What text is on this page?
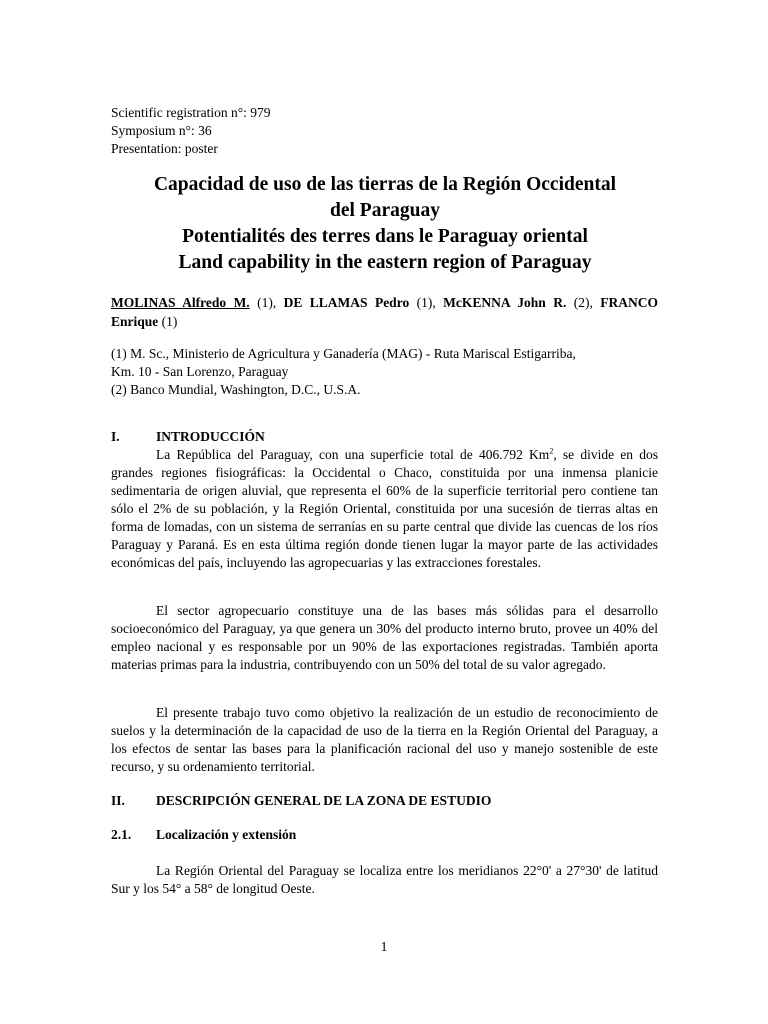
Scientific registration n°: 979
Symposium n°: 36
Presentation: poster
Capacidad de uso de las tierras de la Región Occidental
del Paraguay
Potentialités des terres dans le Paraguay oriental
Land capability in the eastern region of Paraguay
MOLINAS Alfredo M. (1), DE LLAMAS Pedro (1), McKENNA John R. (2), FRANCO Enrique (1)
(1) M. Sc., Ministerio de Agricultura y Ganadería (MAG) - Ruta Mariscal Estigarriba,
Km. 10 - San Lorenzo, Paraguay
(2) Banco Mundial, Washington, D.C., U.S.A.
I.	INTRODUCCIÓN

La República del Paraguay, con una superficie total de 406.792 Km$^2$, se divide en dos grandes regiones fisiográficas: la Occidental o Chaco, constituida por una inmensa planicie sedimentaria de origen aluvial, que representa el 60% de la superficie territorial pero contiene tan sólo el 2% de su población, y la Región Oriental, constituida por una sucesión de tierras altas en forma de lomadas, con un sistema de serranías en su parte central que divide las cuencas de los ríos Paraguay y Paraná. Es en esta última región donde tienen lugar la mayor parte de las actividades económicas del país, incluyendo las agropecuarias y las extracciones forestales.

El sector agropecuario constituye una de las bases más sólidas para el desarrollo socioeconómico del Paraguay, ya que genera un 30% del producto interno bruto, provee un 40% del empleo nacional y es responsable por un 90% de las exportaciones registradas. También aporta materias primas para la industria, contribuyendo con un 50% del total de su valor agregado.

El presente trabajo tuvo como objetivo la realización de un estudio de reconocimiento de suelos y la determinación de la capacidad de uso de la tierra en la Región Oriental del Paraguay, a los efectos de sentar las bases para la planificación racional del uso y manejo sostenible de este recurso, y su ordenamiento territorial.

II. DESCRIPCIÓN GENERAL DE LA ZONA DE ESTUDIO
2.1. Localización y extensión

La Región Oriental del Paraguay se localiza entre los meridianos 22°0' a 27°30' de latitud Sur y los 54° a 58° de longitud Oeste.

1
